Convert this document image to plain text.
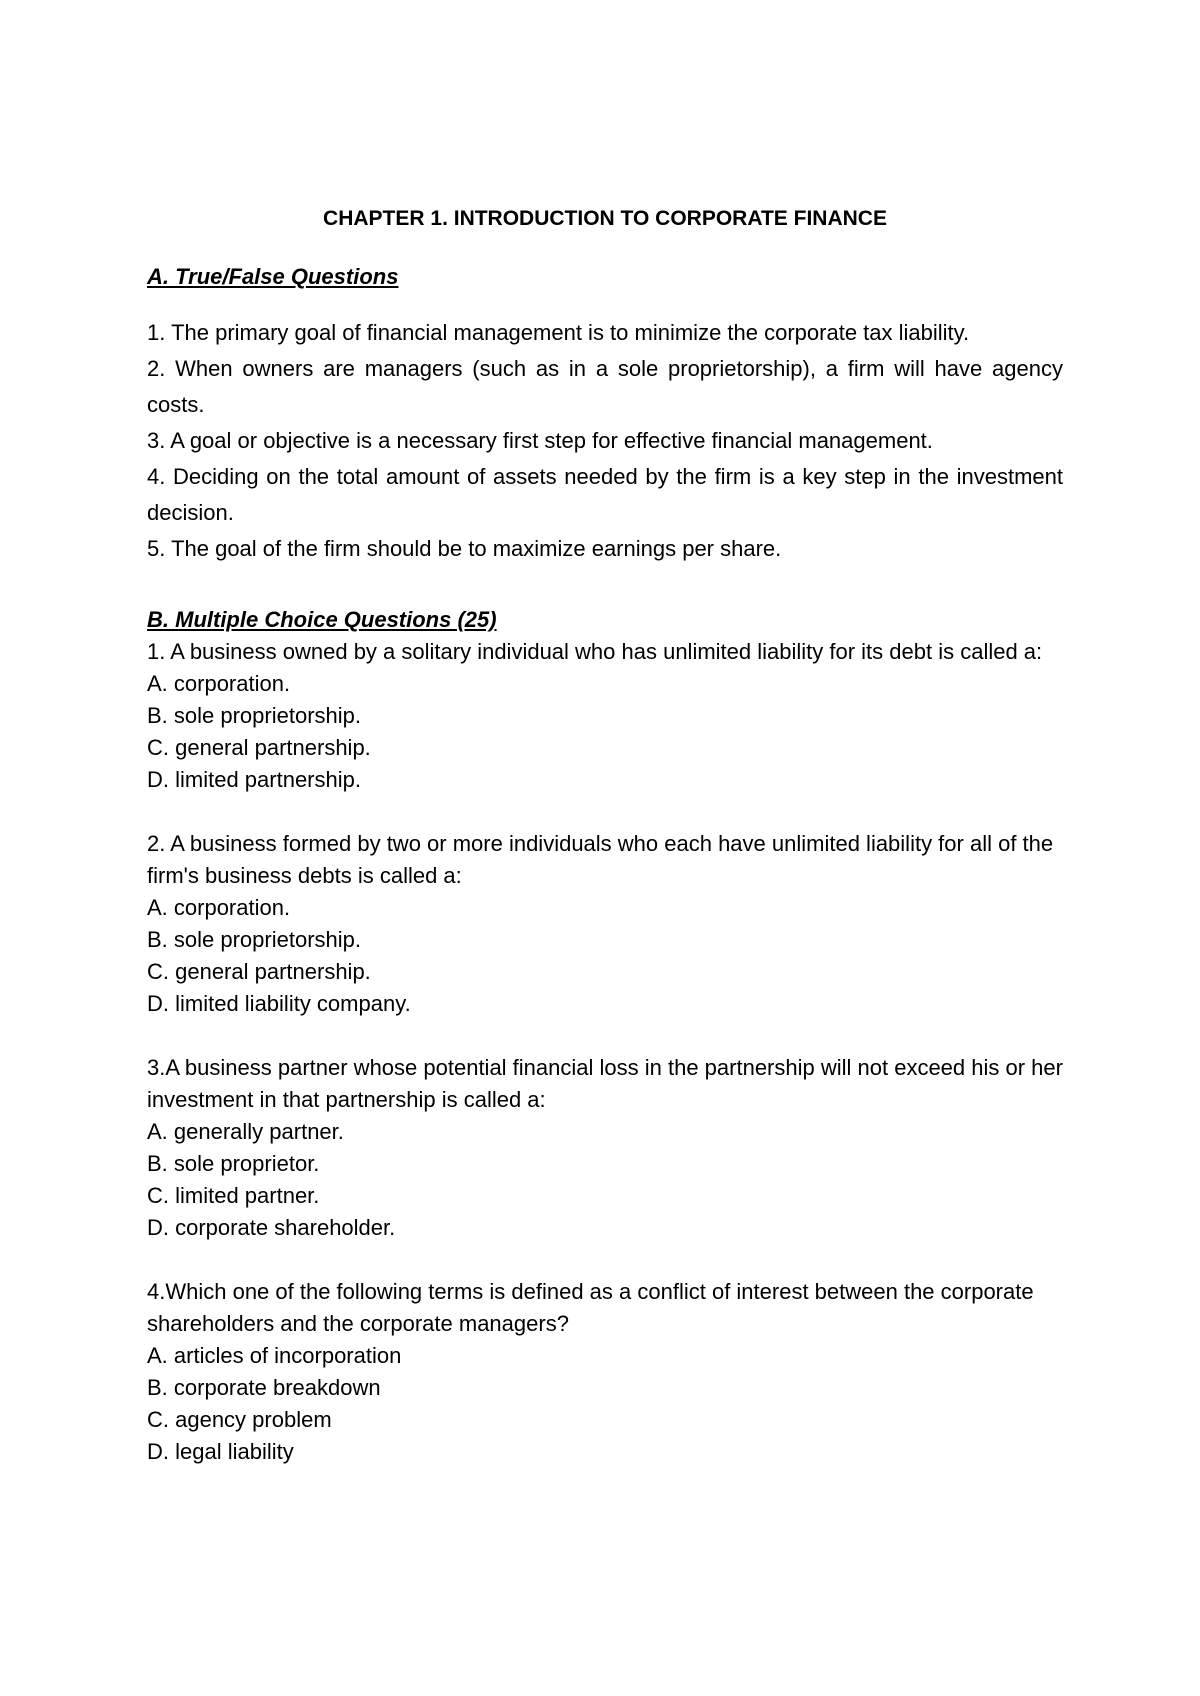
CHAPTER 1. INTRODUCTION TO CORPORATE FINANCE
A. True/False Questions

1. The primary goal of financial management is to minimize the corporate tax liability.

2. When owners are managers (such as in a sole proprietorship), a firm will have agency costs.

3. A goal or objective is a necessary first step for effective financial management.

4. Deciding on the total amount of assets needed by the firm is a key step in the investment decision.

5. The goal of the firm should be to maximize earnings per share.

B. Multiple Choice Questions (25)

1. A business owned by a solitary individual who has unlimited liability for its debt is called a:

A. corporation.

B. sole proprietorship.

C. general partnership.

D. limited partnership.

2. A business formed by two or more individuals who each have unlimited liability for all of the firm's business debts is called a:

A. corporation.

B. sole proprietorship.

C. general partnership.

D. limited liability company.

3.A business partner whose potential financial loss in the partnership will not exceed his or her investment in that partnership is called a:

A. generally partner.

B. sole proprietor.

C. limited partner.

D. corporate shareholder.

4.Which one of the following terms is defined as a conflict of interest between the corporate shareholders and the corporate managers?

A. articles of incorporation

B. corporate breakdown

C. agency problem

D. legal liability
